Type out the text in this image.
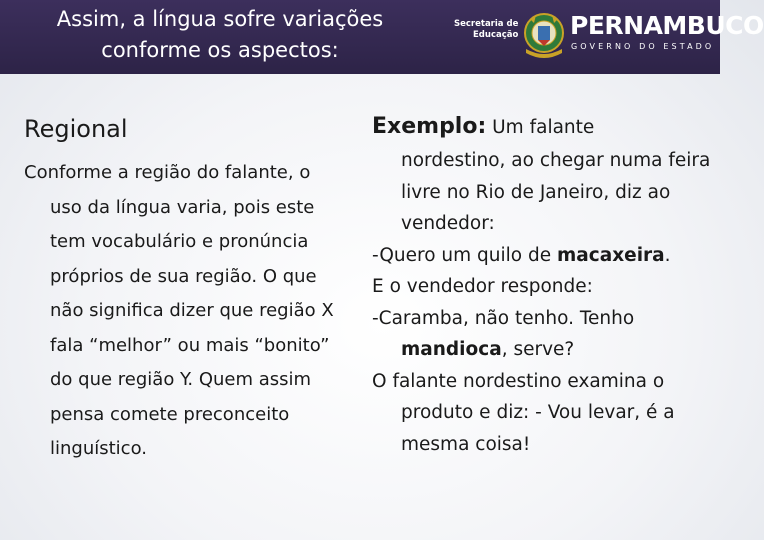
Assim, a língua sofre variações
conforme os aspectos:
Secretaria de
Educação PERNAMBUCO
GOVERNO DO ESTADO
Regional
Conforme a região do falante, o uso da língua varia, pois este tem vocabulário e pronúncia próprios de sua região. O que não significa dizer que região X fala “melhor” ou mais “bonito” do que região Y. Quem assim pensa comete preconceito linguístico.
Exemplo: Um falante

nordestino, ao chegar numa feira livre no Rio de Janeiro, diz ao vendedor:

-Quero um quilo de macaxeira.

E o vendedor responde:

-Caramba, não tenho. Tenho mandioca, serve?

O falante nordestino examina o produto e diz: - Vou levar, é a mesma coisa!
